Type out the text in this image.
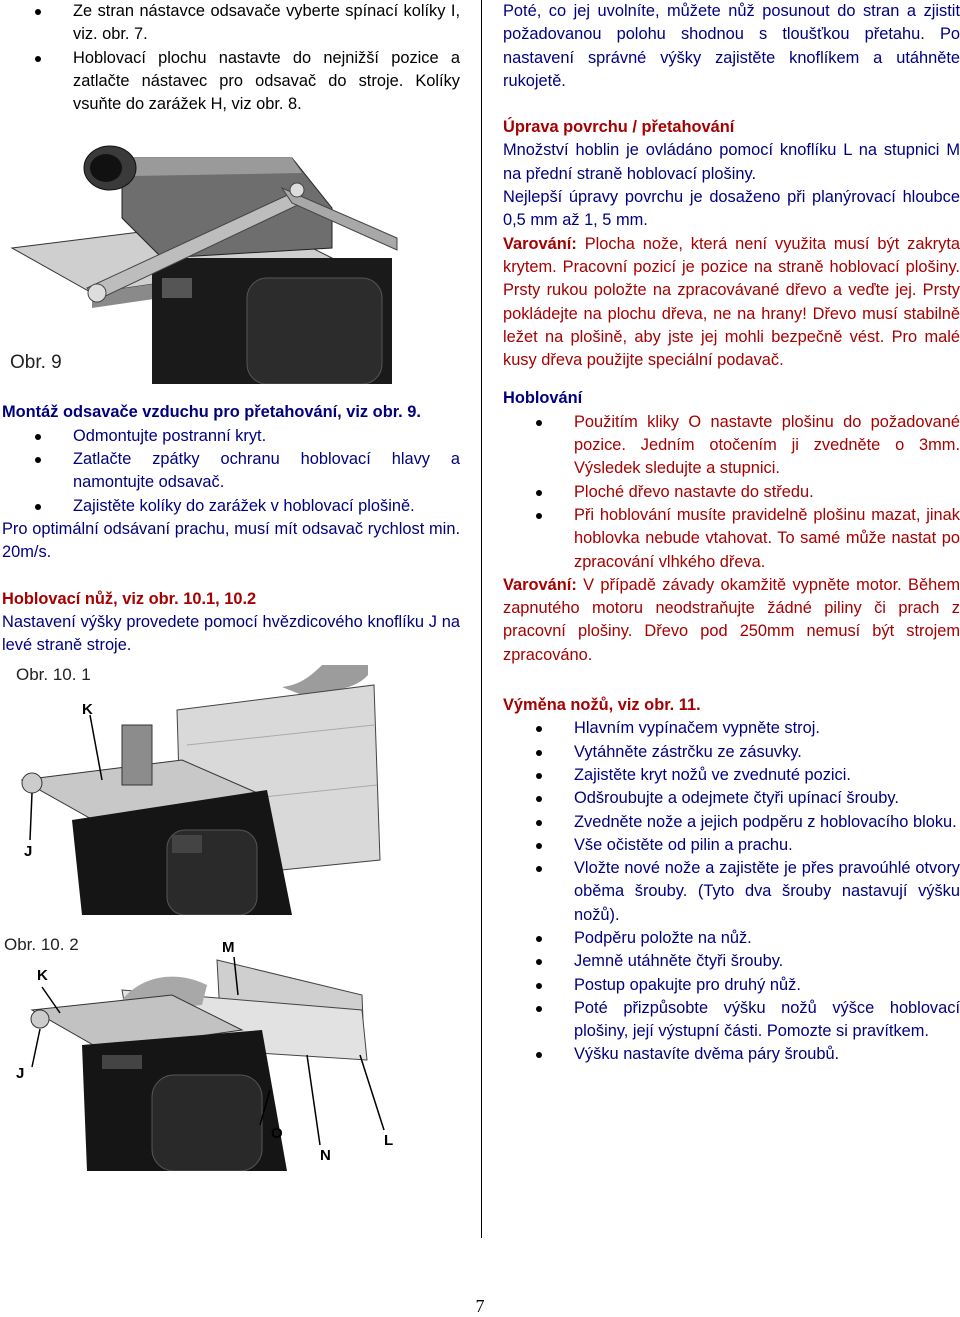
Ze stran nástavce odsavače vyberte spínací kolíky I, viz. obr. 7.
Hoblovací plochu nastavte do nejnižší pozice a zatlačte nástavec pro odsavač do stroje. Kolíky vsuňte do zarážek H, viz obr. 8.
Obr. 9
Montáž odsavače vzduchu pro přetahování, viz obr. 9.
Odmontujte postranní kryt.
Zatlačte zpátky ochranu hoblovací hlavy a namontujte odsavač.
Zajistěte kolíky do zarážek v hoblovací plošině.

Pro optimální odsávaní prachu, musí mít odsavač rychlost min. 20m/s.

Hoblovací nůž, viz obr. 10.1, 10.2

Nastavení výšky provedete pomocí hvězdicového knoflíku J na levé straně stroje.

Obr. 10. 1
K
J
Obr. 10. 2	M
K
J
O
N
L

Poté, co jej uvolníte, můžete nůž posunout do stran a zjistit požadovanou polohu shodnou s tloušťkou přetahu. Po nastavení správné výšky zajistěte knoflíkem a utáhněte rukojetě.

Úprava povrchu / přetahování

Množství hoblin je ovládáno pomocí knoflíku L na stupnici M na přední straně hoblovací plošiny.

Nejlepší úpravy povrchu je dosaženo při planýrovací hloubce 0,5 mm až 1, 5 mm.

Varování: Plocha nože, která není využita musí být zakryta krytem. Pracovní pozicí je pozice na straně hoblovací plošiny. Prsty rukou položte na zpracovávané dřevo a veďte jej. Prsty pokládejte na plochu dřeva, ne na hrany! Dřevo musí stabilně ležet na plošině, aby jste jej mohli bezpečně vést. Pro malé kusy dřeva použijte speciální podavač.

Hoblování
Použitím kliky O nastavte plošinu do požadované pozice. Jedním otočením ji zvedněte o 3mm. Výsledek sledujte a stupnici.
Ploché dřevo nastavte do středu.
Při hoblování musíte pravidelně plošinu mazat, jinak hoblovka nebude vtahovat. To samé může nastat po zpracování vlhkého dřeva.

Varování: V případě závady okamžitě vypněte motor. Během zapnutého motoru neodstraňujte žádné piliny či prach z pracovní plošiny. Dřevo pod 250mm nemusí být strojem zpracováno.

Výměna nožů, viz obr. 11.
Hlavním vypínačem vypněte stroj.
Vytáhněte zástrčku ze zásuvky.
Zajistěte kryt nožů ve zvednuté pozici.
Odšroubujte a odejmete čtyři upínací šrouby.
Zvedněte nože a jejich podpěru z hoblovacího bloku.
Vše očistěte od pilin a prachu.
Vložte nové nože a zajistěte je přes pravoúhlé otvory oběma šrouby. (Tyto dva šrouby nastavují výšku nožů).
Podpěru položte na nůž.
Jemně utáhněte čtyři šrouby.
Postup opakujte pro druhý nůž.
Poté přizpůsobte výšku nožů výšce hoblovací plošiny, její výstupní části. Pomozte si pravítkem.
Výšku nastavíte dvěma páry šroubů.
7
